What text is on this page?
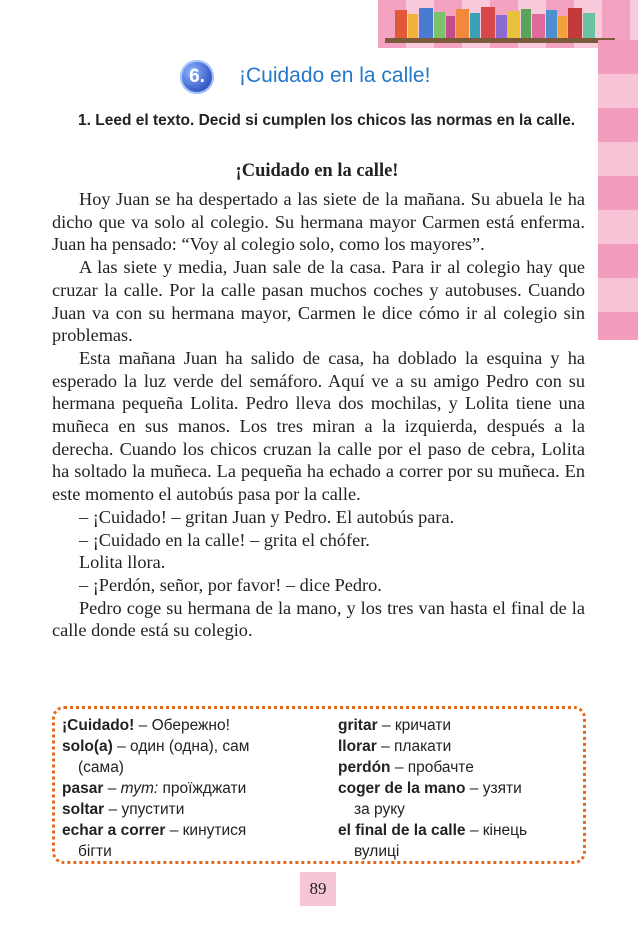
6.	¡Cuidado en la calle!
1. Leed el texto. Decid si cumplen los chicos las normas en la calle.
¡Cuidado en la calle!

Hoy Juan se ha despertado a las siete de la mañana. Su abuela le ha dicho que va solo al colegio. Su hermana mayor Carmen está enferma. Juan ha pensado: “Voy al colegio solo, como los mayores”.

A las siete y media, Juan sale de la casa. Para ir al colegio hay que cruzar la calle. Por la calle pasan muchos coches y autobuses. Cuando Juan va con su hermana mayor, Carmen le dice cómo ir al colegio sin problemas.

Esta mañana Juan ha salido de casa, ha doblado la esquina y ha esperado la luz verde del semáforo. Aquí ve a su amigo Pedro con su hermana pequeña Lolita. Pedro lleva dos mochilas, y Lolita tiene una muñeca en sus manos. Los tres miran a la izquierda, después a la derecha. Cuando los chicos cruzan la calle por el paso de cebra, Lolita ha soltado la muñeca. La pequeña ha echado a correr por su muñeca. En este momento el autobús pasa por la calle.

– ¡Cuidado! – gritan Juan y Pedro. El autobús para.

– ¡Cuidado en la calle! – grita el chófer.

Lolita llora.

– ¡Perdón, señor, por favor! – dice Pedro.

Pedro coge su hermana de la mano, y los tres van hasta el final de la calle donde está su colegio.

¡Cuidado! – Обережно!
solo(a) – один (одна), сам
(сама)
pasar – тут: проїжджати
soltar – упустити
echar a correr – кинутися
бігти
gritar – кричати
llorar – плакати
perdón – пробачте
coger de la mano – узяти
за руку
el final de la calle – кінець
вулиці
89
